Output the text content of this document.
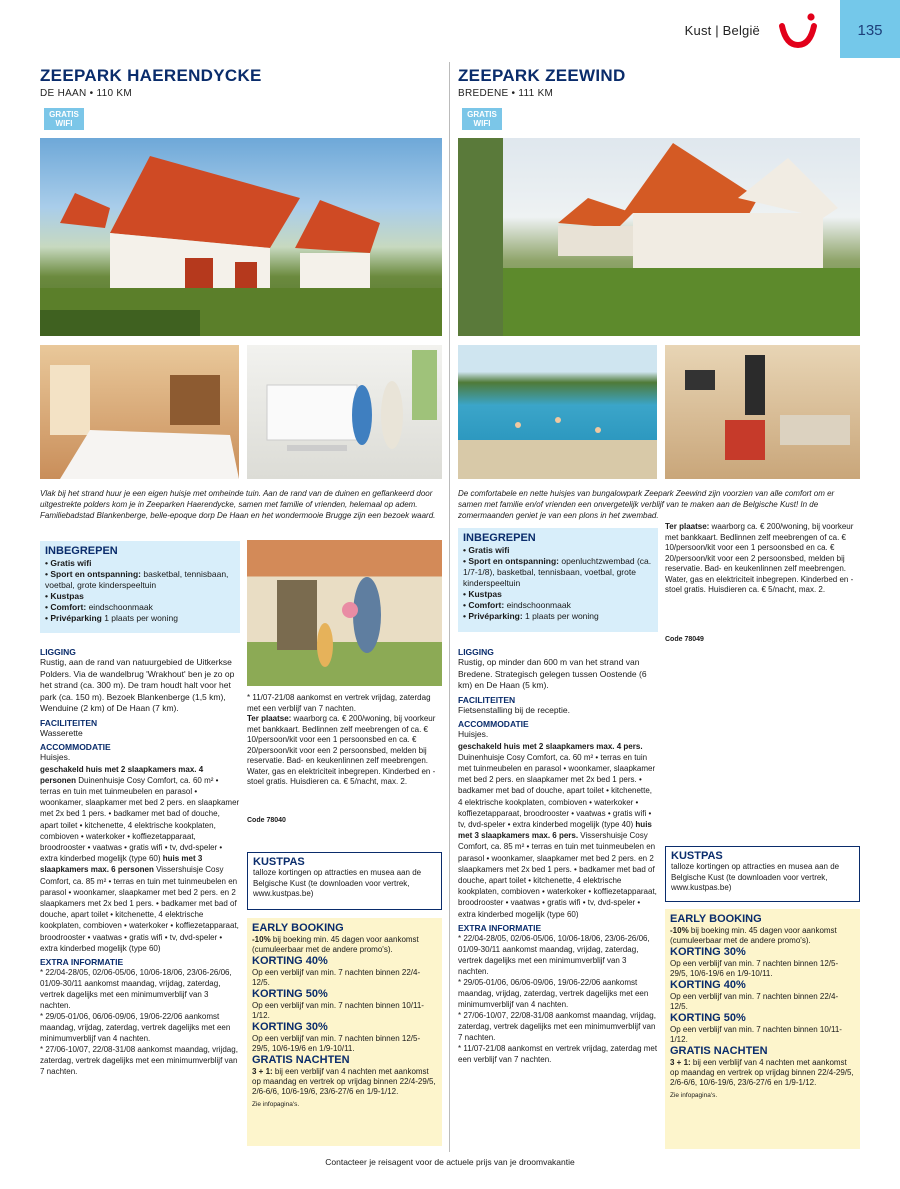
Kust | België	135
ZEEPARK HAERENDYCKE
DE HAAN • 110 KM
GRATIS WIFI
Vlak bij het strand huur je een eigen huisje met omheinde tuin. Aan de rand van de duinen en geflankeerd door uitgestrekte polders kom je in Zeeparken Haerendycke, samen met familie of vrienden, helemaal op adem. Familiebadstad Blankenberge, belle-epoque dorp De Haan en het wondermooie Brugge zijn een bezoek waard.
INBEGREPEN
• Gratis wifi
• Sport en ontspanning: basketbal, tennisbaan, voetbal, grote kinderspeeltuin
• Kustpas
• Comfort: eindschoonmaak
• Privéparking 1 plaats per woning
LIGGING
Rustig, aan de rand van natuurgebied de Uitkerkse Polders. Via de wandelbrug 'Wrakhout' ben je zo op het strand (ca. 300 m). De tram houdt halt voor het park (ca. 150 m). Bezoek Blankenberge (1,5 km), Wenduine (2 km) of De Haan (7 km).
FACILITEITEN
Wasserette
ACCOMMODATIE
Huisjes.
geschakeld huis met 2 slaapkamers max. 4 personen Duinenhuisje Cosy Comfort, ca. 60 m² • terras en tuin met tuinmeubelen en parasol • woonkamer, slaapkamer met bed 2 pers. en slaapkamer met 2x bed 1 pers. • badkamer met bad of douche, apart toilet • kitchenette, 4 elektrische kookplaten, combioven • waterkoker • koffiezetapparaat, broodrooster • vaatwas • gratis wifi • tv, dvd-speler • extra kinderbed mogelijk (type 60) huis met 3 slaapkamers max. 6 personen Vissershuisje Cosy Comfort, ca. 85 m² • terras en tuin met tuinmeubelen en parasol • woonkamer, slaapkamer met bed 2 pers. en 2 slaapkamers met 2x bed 1 pers. • badkamer met bad of douche, apart toilet • kitchenette, 4 elektrische kookplaten, combioven • waterkoker • koffiezetapparaat, broodrooster • vaatwas • gratis wifi • tv, dvd-speler • extra kinderbed mogelijk (type 60)
EXTRA INFORMATIE
* 22/04-28/05, 02/06-05/06, 10/06-18/06, 23/06-26/06, 01/09-30/11 aankomst maandag, vrijdag, zaterdag, vertrek dagelijks met een minimumverblijf van 3 nachten.
* 29/05-01/06, 06/06-09/06, 19/06-22/06 aankomst maandag, vrijdag, zaterdag, vertrek dagelijks met een minimumverblijf van 4 nachten.
* 27/06-10/07, 22/08-31/08 aankomst maandag, vrijdag, zaterdag, vertrek dagelijks met een minimumverblijf van 7 nachten.
* 11/07-21/08 aankomst en vertrek vrijdag, zaterdag met een verblijf van 7 nachten.
Ter plaatse: waarborg ca. € 200/woning, bij voorkeur met bankkaart. Bedlinnen zelf meebrengen of ca. € 10/persoon/kit voor een 1 persoonsbed en ca. € 20/persoon/kit voor een 2 persoonsbed, melden bij reservatie. Bad- en keukenlinnen zelf meebrengen. Water, gas en elektriciteit inbegrepen. Kinderbed en -stoel gratis. Huisdieren ca. € 5/nacht, max. 2.
Code 78040
KUSTPAS
talloze kortingen op attracties en musea aan de Belgische Kust (te downloaden voor vertrek, www.kustpas.be)
EARLY BOOKING
-10% bij boeking min. 45 dagen voor aankomst (cumuleerbaar met de andere promo's).
KORTING 40%
Op een verblijf van min. 7 nachten binnen 22/4-12/5.
KORTING 50%
Op een verblijf van min. 7 nachten binnen 10/11-1/12.
KORTING 30%
Op een verblijf van min. 7 nachten binnen 12/5-29/5, 10/6-19/6 en 1/9-10/11.
GRATIS NACHTEN
3 + 1: bij een verblijf van 4 nachten met aankomst op maandag en vertrek op vrijdag binnen 22/4-29/5, 2/6-6/6, 10/6-19/6, 23/6-27/6 en 1/9-1/12.
Zie infopagina's.
ZEEPARK ZEEWIND
BREDENE • 111 KM
GRATIS WIFI
De comfortabele en nette huisjes van bungalowpark Zeepark Zeewind zijn voorzien van alle comfort om er samen met familie en/of vrienden een onvergetelijk verblijf van te maken aan de Belgische Kust! In de zomermaanden geniet je van een plons in het zwembad.
INBEGREPEN
• Gratis wifi
• Sport en ontspanning: openluchtzwembad (ca. 1/7-1/8), basketbal, tennisbaan, voetbal, grote kinderspeeltuin
• Kustpas
• Comfort: eindschoonmaak
• Privéparking: 1 plaats per woning
LIGGING
Rustig, op minder dan 600 m van het strand van Bredene. Strategisch gelegen tussen Oostende (6 km) en De Haan (5 km).
FACILITEITEN
Fietsenstalling bij de receptie.
ACCOMMODATIE
Huisjes.
geschakeld huis met 2 slaapkamers max. 4 pers. Duinenhuisje Cosy Comfort, ca. 60 m² • terras en tuin met tuinmeubelen en parasol • woonkamer, slaapkamer met bed 2 pers. en slaapkamer met 2x bed 1 pers. • badkamer met bad of douche, apart toilet • kitchenette, 4 elektrische kookplaten, combioven • waterkoker • koffiezetapparaat, broodrooster • vaatwas • gratis wifi • tv, dvd-speler • extra kinderbed mogelijk (type 40) huis met 3 slaapkamers max. 6 pers. Vissershuisje Cosy Comfort, ca. 85 m² • terras en tuin met tuinmeubelen en parasol • woonkamer, slaapkamer met bed 2 pers. en 2 slaapkamers met 2x bed 1 pers. • badkamer met bad of douche, apart toilet • kitchenette, 4 elektrische kookplaten, combioven • waterkoker • koffiezetapparaat, broodrooster • vaatwas • gratis wifi • tv, dvd-speler • extra kinderbed mogelijk (type 60)
EXTRA INFORMATIE
* 22/04-28/05, 02/06-05/06, 10/06-18/06, 23/06-26/06, 01/09-30/11 aankomst maandag, vrijdag, zaterdag, vertrek dagelijks met een minimumverblijf van 3 nachten.
* 29/05-01/06, 06/06-09/06, 19/06-22/06 aankomst maandag, vrijdag, zaterdag, vertrek dagelijks met een minimumverblijf van 4 nachten.
* 27/06-10/07, 22/08-31/08 aankomst maandag, vrijdag, zaterdag, vertrek dagelijks met een minimumverblijf van 7 nachten.
* 11/07-21/08 aankomst en vertrek vrijdag, zaterdag met een verblijf van 7 nachten.
Ter plaatse: waarborg ca. € 200/woning, bij voorkeur met bankkaart. Bedlinnen zelf meebrengen of ca. € 10/persoon/kit voor een 1 persoonsbed en ca. € 20/persoon/kit voor een 2 persoonsbed, melden bij reservatie. Bad- en keukenlinnen zelf meebrengen. Water, gas en elektriciteit inbegrepen. Kinderbed en -stoel gratis. Huisdieren ca. € 5/nacht, max. 2.
Code 78049
KUSTPAS
talloze kortingen op attracties en musea aan de Belgische Kust (te downloaden voor vertrek, www.kustpas.be)
EARLY BOOKING
-10% bij boeking min. 45 dagen voor aankomst (cumuleerbaar met de andere promo's).
KORTING 30%
Op een verblijf van min. 7 nachten binnen 12/5-29/5, 10/6-19/6 en 1/9-10/11.
KORTING 40%
Op een verblijf van min. 7 nachten binnen 22/4-12/5.
KORTING 50%
Op een verblijf van min. 7 nachten binnen 10/11-1/12.
GRATIS NACHTEN
3 + 1: bij een verblijf van 4 nachten met aankomst op maandag en vertrek op vrijdag binnen 22/4-29/5, 2/6-6/6, 10/6-19/6, 23/6-27/6 en 1/9-1/12.
Zie infopagina's.
Contacteer je reisagent voor de actuele prijs van je droomvakantie
